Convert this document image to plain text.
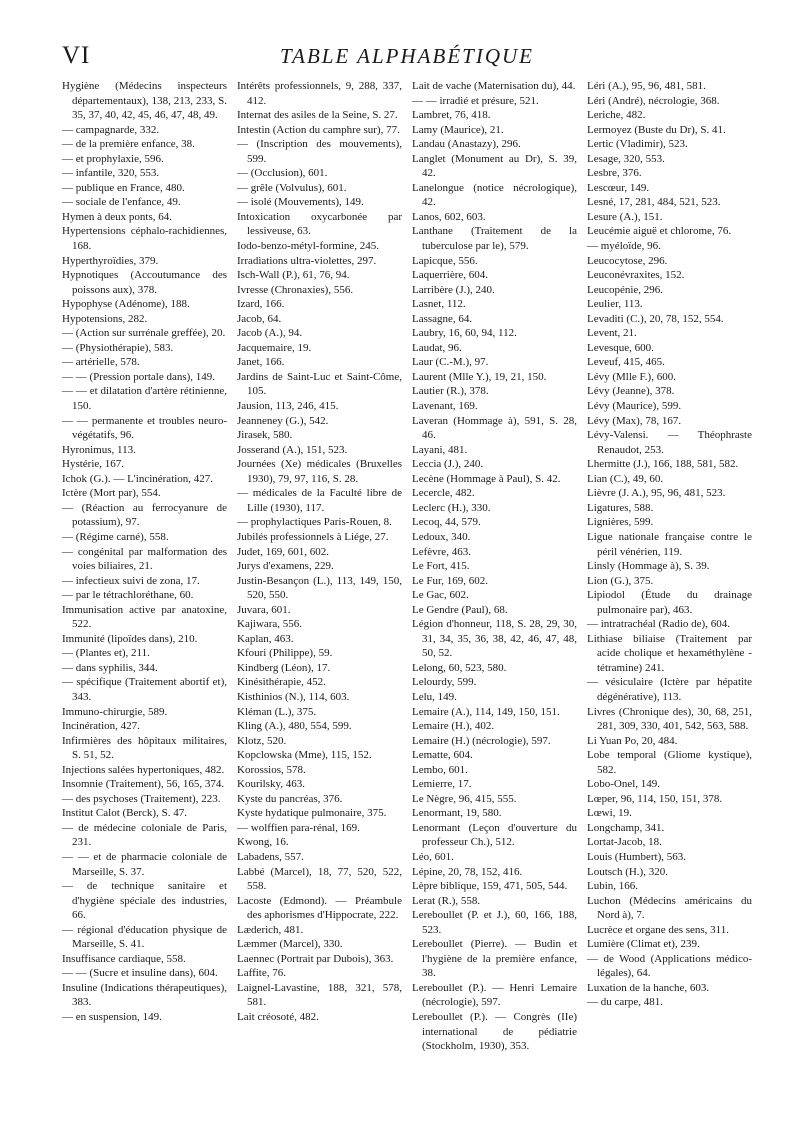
VI	TABLE ALPHABÉTIQUE

Hygiène (Médecins inspecteurs départementaux), 138, 213, 233, S. 35, 37, 40, 42, 45, 46, 47, 48, 49.

— campagnarde, 332.

— de la première enfance, 38.

— et prophylaxie, 596.

— infantile, 320, 553.

— publique en France, 480.

— sociale de l'enfance, 49.

Hymen à deux ponts, 64.

Hypertensions céphalo-rachidiennes, 168.

Hyperthyroïdies, 379.

Hypnotiques (Accoutumance des poissons aux), 378.

Hypophyse (Adénome), 188.

Hypotensions, 282.

— (Action sur surrénale greffée), 20.

— (Physiothérapie), 583.

— artérielle, 578.

— — (Pression portale dans), 149.

— — et dilatation d'artère rétinienne, 150.

— — permanente et troubles neuro-végétatifs, 96.

Hyronimus, 113.

Hystérie, 167.

Ichok (G.). — L'incinération, 427.

Ictère (Mort par), 554.

— (Réaction au ferrocyanure de potassium), 97.

— (Régime carné), 558.

— congénital par malformation des voies biliaires, 21.

— infectieux suivi de zona, 17.

— par le tétrachloréthane, 60.

Immunisation active par anatoxine, 522.

Immunité (lipoïdes dans), 210.

— (Plantes et), 211.

— dans syphilis, 344.

— spécifique (Traitement abortif et), 343.

Immuno-chirurgie, 589.

Incinération, 427.

Infirmières des hôpitaux militaires, S. 51, 52.

Injections salées hypertoniques, 482.

Insomnie (Traitement), 56, 165, 374.

— des psychoses (Traitement), 223.

Institut Calot (Berck), S. 47.

— de médecine coloniale de Paris, 231.

— — et de pharmacie coloniale de Marseille, S. 37.

— de technique sanitaire et d'hygiène spéciale des industries, 66.

— régional d'éducation physique de Marseille, S. 41.

Insuffisance cardiaque, 558.

— — (Sucre et insuline dans), 604.

Insuline (Indications thérapeutiques), 383.

— en suspension, 149.

Intérêts professionnels, 9, 288, 337, 412.

Internat des asiles de la Seine, S. 27.

Intestin (Action du camphre sur), 77.

— (Inscription des mouvements), 599.

— (Occlusion), 601.

— grêle (Volvulus), 601.

— isolé (Mouvements), 149.

Intoxication oxycarbonée par lessiveuse, 63.

Iodo-benzo-métyl-formine, 245.

Irradiations ultra-violettes, 297.

Isch-Wall (P.), 61, 76, 94.

Ivresse (Chronaxies), 556.

Izard, 166.

Jacob, 64.

Jacob (A.), 94.

Jacquemaire, 19.

Janet, 166.

Jardins de Saint-Luc et Saint-Côme, 105.

Jausion, 113, 246, 415.

Jeanneney (G.), 542.

Jirasek, 580.

Josserand (A.), 151, 523.

Journées (Xe) médicales (Bruxelles 1930), 79, 97, 116, S. 28.

— médicales de la Faculté libre de Lille (1930), 117.

— prophylactiques Paris-Rouen, 8.

Jubilés professionnels à Liége, 27.

Judet, 169, 601, 602.

Jurys d'examens, 229.

Justin-Besançon (L.), 113, 149, 150, 520, 550.

Juvara, 601.

Kajiwara, 556.

Kaplan, 463.

Kfouri (Philippe), 59.

Kindberg (Léon), 17.

Kinésithérapie, 452.

Kisthinios (N.), 114, 603.

Kléman (L.), 375.

Kling (A.), 480, 554, 599.

Klotz, 520.

Kopclowska (Mme), 115, 152.

Korossios, 578.

Kourilsky, 463.

Kyste du pancréas, 376.

Kyste hydatique pulmonaire, 375.

— wolffien para-rénal, 169.

Kwong, 16.

Labadens, 557.

Labbé (Marcel), 18, 77, 520, 522, 558.

Lacoste (Edmond). — Préambule des aphorismes d'Hippocrate, 222.

Læderich, 481.

Læmmer (Marcel), 330.

Laennec (Portrait par Dubois), 363.

Laffite, 76.

Laignel-Lavastine, 188, 321, 578, 581.

Lait créosoté, 482.

Lait de vache (Maternisation du), 44.

— — irradié et présure, 521.

Lambret, 76, 418.

Lamy (Maurice), 21.

Landau (Anastazy), 296.

Langlet (Monument au Dr), S. 39, 42.

Lanelongue (notice nécrologique), 42.

Lanos, 602, 603.

Lanthane (Traitement de la tuberculose par le), 579.

Lapicque, 556.

Laquerrière, 604.

Larribère (J.), 240.

Lasnet, 112.

Lassagne, 64.

Laubry, 16, 60, 94, 112.

Laudat, 96.

Laur (C.-M.), 97.

Laurent (Mlle Y.), 19, 21, 150.

Lautier (R.), 378.

Lavenant, 169.

Laveran (Hommage à), 591, S. 28, 46.

Layani, 481.

Leccia (J.), 240.

Lecène (Hommage à Paul), S. 42.

Lecercle, 482.

Leclerc (H.), 330.

Lecoq, 44, 579.

Ledoux, 340.

Lefèvre, 463.

Le Fort, 415.

Le Fur, 169, 602.

Le Gac, 602.

Le Gendre (Paul), 68.

Légion d'honneur, 118, S. 28, 29, 30, 31, 34, 35, 36, 38, 42, 46, 47, 48, 50, 52.

Lelong, 60, 523, 580.

Lelourdy, 599.

Lelu, 149.

Lemaire (A.), 114, 149, 150, 151.

Lemaire (H.), 402.

Lemaire (H.) (nécrologie), 597.

Lematte, 604.

Lembo, 601.

Lemierre, 17.

Le Nègre, 96, 415, 555.

Lenormant, 19, 580.

Lenormant (Leçon d'ouverture du professeur Ch.), 512.

Léo, 601.

Lépine, 20, 78, 152, 416.

Lèpre biblique, 159, 471, 505, 544.

Lerat (R.), 558.

Lereboullet (P. et J.), 60, 166, 188, 523.

Lereboullet (Pierre). — Budin et l'hygiène de la première enfance, 38.

Lereboullet (P.). — Henri Lemaire (nécrologie), 597.

Lereboullet (P.). — Congrès (IIe) international de pédiatrie (Stockholm, 1930), 353.

Léri (A.), 95, 96, 481, 581.

Léri (André), nécrologie, 368.

Leriche, 482.

Lermoyez (Buste du Dr), S. 41.

Lertic (Vladimir), 523.

Lesage, 320, 553.

Lesbre, 376.

Lescœur, 149.

Lesné, 17, 281, 484, 521, 523.

Lesure (A.), 151.

Leucémie aiguë et chlorome, 76.

— myéloïde, 96.

Leucocytose, 296.

Leuconévraxites, 152.

Leucopénie, 296.

Leulier, 113.

Levaditi (C.), 20, 78, 152, 554.

Levent, 21.

Levesque, 600.

Leveuf, 415, 465.

Lévy (Mlle F.), 600.

Lévy (Jeanne), 378.

Lévy (Maurice), 599.

Lévy (Max), 78, 167.

Lévy-Valensi. — Théophraste Renaudot, 253.

Lhermitte (J.), 166, 188, 581, 582.

Lian (C.), 49, 60.

Lièvre (J. A.), 95, 96, 481, 523.

Ligatures, 588.

Lignières, 599.

Ligue nationale française contre le péril vénérien, 119.

Linsly (Hommage à), S. 39.

Lion (G.), 375.

Lipiodol (Étude du drainage pulmonaire par), 463.

— intratrachéal (Radio de), 604.

Lithiase biliaise (Traitement par acide cholique et hexaméthylène - tétramine) 241.

— vésiculaire (Ictère par hépatite dégénérative), 113.

Livres (Chronique des), 30, 68, 251, 281, 309, 330, 401, 542, 563, 588.

Li Yuan Po, 20, 484.

Lobe temporal (Gliome kystique), 582.

Lobo-Onel, 149.

Lœper, 96, 114, 150, 151, 378.

Lœwi, 19.

Longchamp, 341.

Lortat-Jacob, 18.

Louis (Humbert), 563.

Loutsch (H.), 320.

Lubin, 166.

Luchon (Médecins américains du Nord à), 7.

Lucrèce et organe des sens, 311.

Lumière (Climat et), 239.

— de Wood (Applications médico-légales), 64.

Luxation de la hanche, 603.

— du carpe, 481.
